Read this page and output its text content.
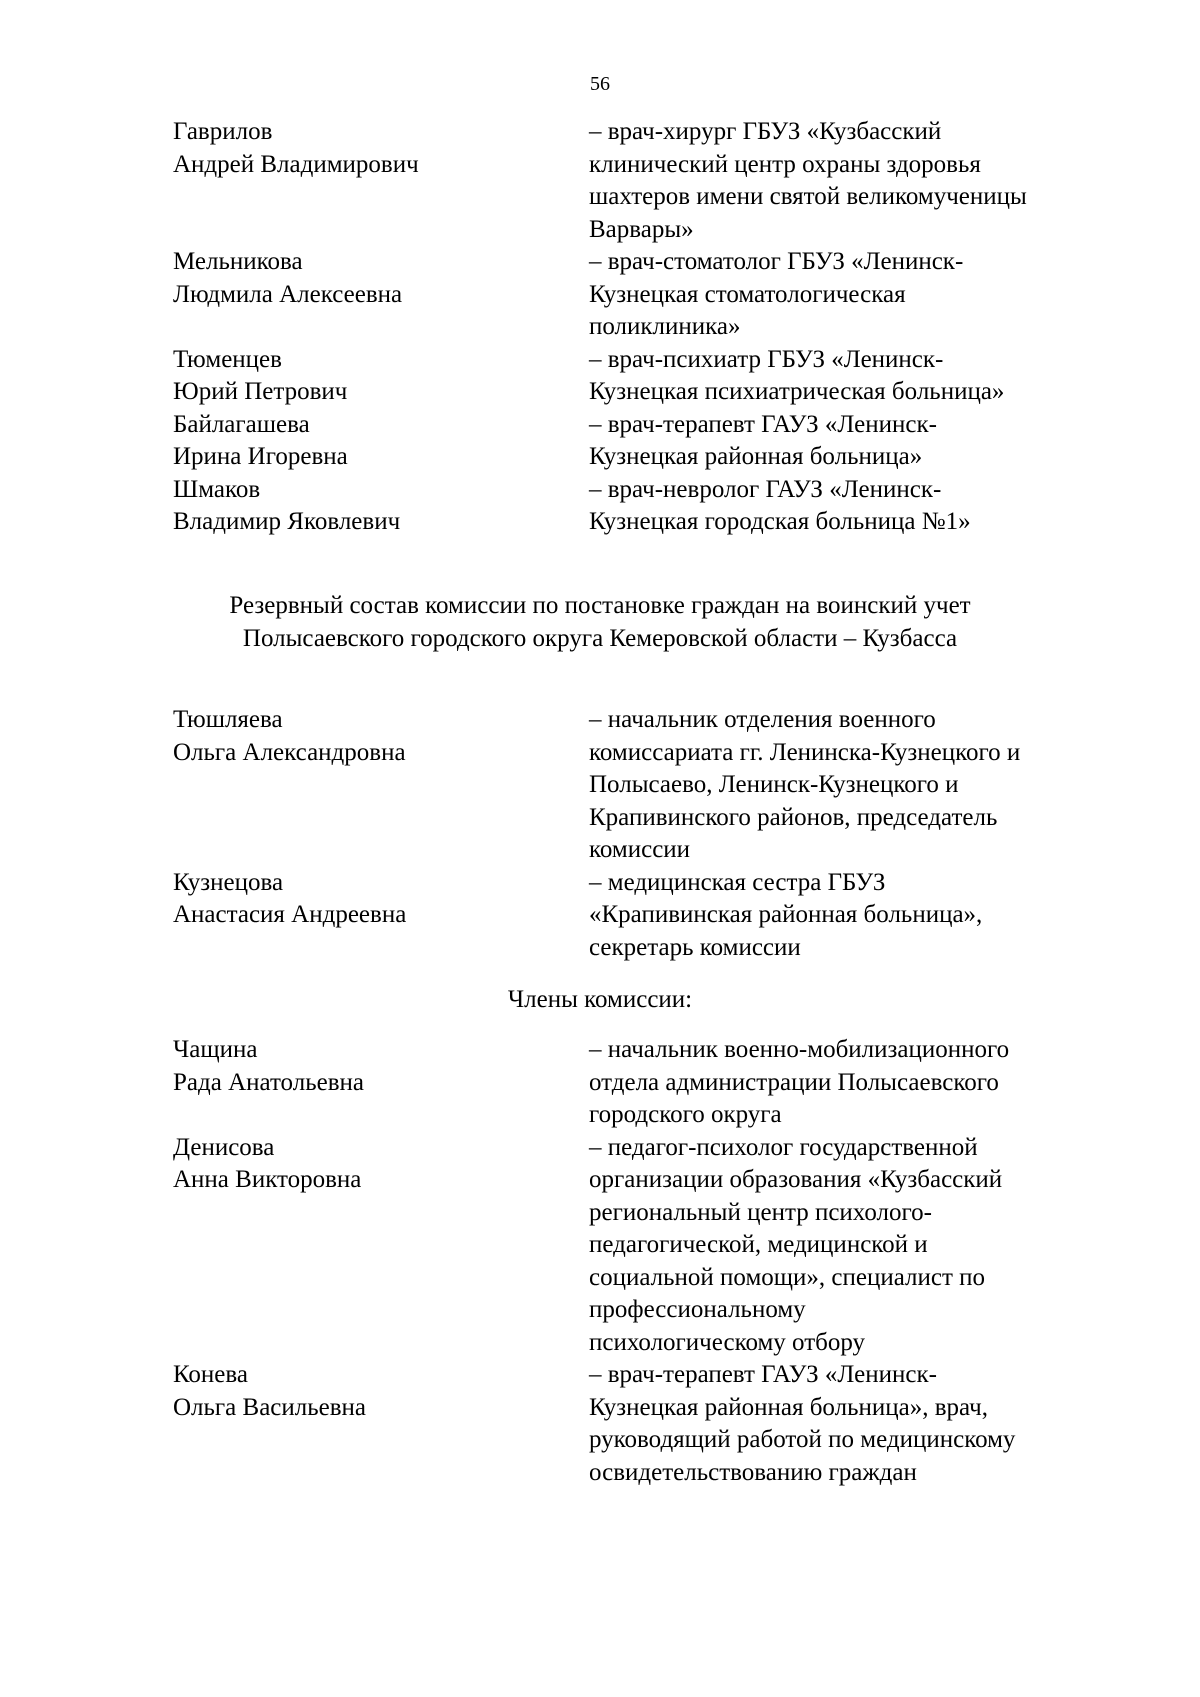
56
Гаврилов
Андрей Владимирович
– врач-хирург ГБУЗ «Кузбасский
клинический центр охраны здоровья
шахтеров имени святой великомученицы
Варвары»
Мельникова
Людмила Алексеевна
– врач-стоматолог ГБУЗ «Ленинск-
Кузнецкая стоматологическая
поликлиника»
Тюменцев
Юрий Петрович
– врач-психиатр ГБУЗ «Ленинск-
Кузнецкая психиатрическая больница»
Байлагашева
Ирина Игоревна
– врач-терапевт ГАУЗ «Ленинск-
Кузнецкая районная больница»
Шмаков
Владимир Яковлевич
– врач-невролог ГАУЗ «Ленинск-
Кузнецкая городская больница №1»
Резервный состав комиссии по постановке граждан на воинский учет
Полысаевского городского округа Кемеровской области – Кузбасса
Тюшляева
Ольга Александровна
– начальник отделения военного
комиссариата гг. Ленинска-Кузнецкого и
Полысаево, Ленинск-Кузнецкого и
Крапивинского районов, председатель
комиссии
Кузнецова
Анастасия Андреевна
– медицинская сестра ГБУЗ
«Крапивинская районная больница»,
секретарь комиссии
Члены комиссии:
Чащина
Рада Анатольевна
– начальник военно-мобилизационного
отдела администрации Полысаевского
городского округа
Денисова
Анна Викторовна
– педагог-психолог государственной
организации образования «Кузбасский
региональный центр психолого-
педагогической, медицинской и
социальной помощи», специалист по
профессиональному
психологическому отбору
Конева
Ольга Васильевна
– врач-терапевт ГАУЗ «Ленинск-
Кузнецкая районная больница», врач,
руководящий работой по медицинскому
освидетельствованию граждан
